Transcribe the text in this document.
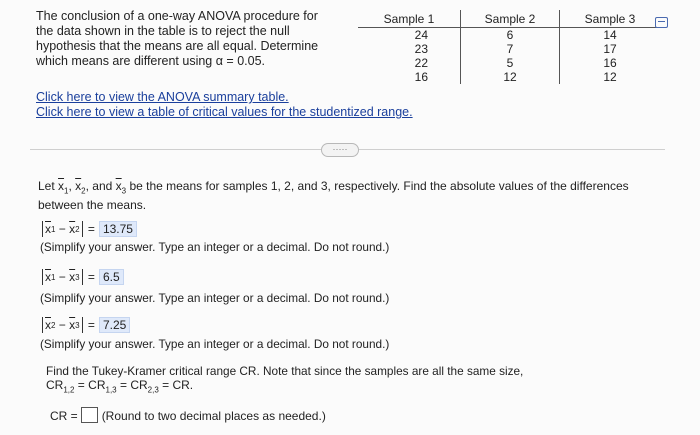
The conclusion of a one-way ANOVA procedure for the data shown in the table is to reject the null hypothesis that the means are all equal. Determine which means are different using α = 0.05.
Sample 1	Sample 2	Sample 3
24	6	14
23	7	17
22	5	16
16	12	12
Click here to view the ANOVA summary table.
Click here to view a table of critical values for the studentized range.
·····
Let $\overline{x}_1$, $\overline{x}_2$, and $\overline{x}_3$ be the means for samples 1, 2, and 3, respectively. Find the absolute values of the differences between the means.
$\overline{x}$ $1 - \overline{x}$ 2 = 13.75
(Simplify your answer. Type an integer or a decimal. Do not round.)
$\overline{x}$ $1 - \overline{x}$ 3 = 6.5
(Simplify your answer. Type an integer or a decimal. Do not round.)
$\overline{x}$ $2 - \overline{x}$ 3 = 7.25
(Simplify your answer. Type an integer or a decimal. Do not round.)
Find the Tukey-Kramer critical range CR. Note that since the samples are all the same size,
$CR_{1,2} = CR_{1,3} = CR_{2,3}$ = CR.
CR = (Round to two decimal places as needed.)
